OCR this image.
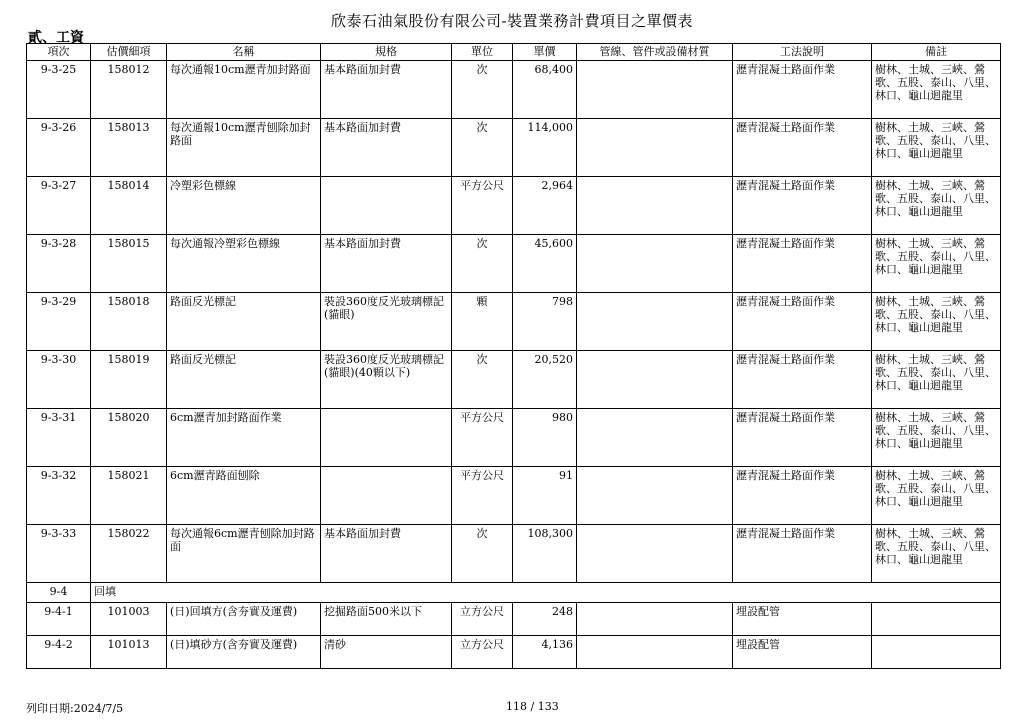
欣泰石油氣股份有限公司-裝置業務計費項目之單價表
貳、工資
項次	估價細項	名稱	規格	單位	單價	管線、管件或設備材質	工法說明	備註
9-3-25	158012	每次通報10cm瀝青加封路面	基本路面加封費	次	68,400		瀝青混凝土路面作業	樹林、土城、三峽、鶯歌、五股、泰山、八里、林口、龜山迴龍里
9-3-26	158013	每次通報10cm瀝青刨除加封路面	基本路面加封費	次	114,000		瀝青混凝土路面作業	樹林、土城、三峽、鶯歌、五股、泰山、八里、林口、龜山迴龍里
9-3-27	158014	冷塑彩色標線		平方公尺	2,964		瀝青混凝土路面作業	樹林、土城、三峽、鶯歌、五股、泰山、八里、林口、龜山迴龍里
9-3-28	158015	每次通報冷塑彩色標線	基本路面加封費	次	45,600		瀝青混凝土路面作業	樹林、土城、三峽、鶯歌、五股、泰山、八里、林口、龜山迴龍里
9-3-29	158018	路面反光標記	裝設360度反光玻璃標記(貓眼)	顆	798		瀝青混凝土路面作業	樹林、土城、三峽、鶯歌、五股、泰山、八里、林口、龜山迴龍里
9-3-30	158019	路面反光標記	裝設360度反光玻璃標記(貓眼)(40顆以下)	次	20,520		瀝青混凝土路面作業	樹林、土城、三峽、鶯歌、五股、泰山、八里、林口、龜山迴龍里
9-3-31	158020	6cm瀝青加封路面作業		平方公尺	980		瀝青混凝土路面作業	樹林、土城、三峽、鶯歌、五股、泰山、八里、林口、龜山迴龍里
9-3-32	158021	6cm瀝青路面刨除		平方公尺	91		瀝青混凝土路面作業	樹林、土城、三峽、鶯歌、五股、泰山、八里、林口、龜山迴龍里
9-3-33	158022	每次通報6cm瀝青刨除加封路面	基本路面加封費	次	108,300		瀝青混凝土路面作業	樹林、土城、三峽、鶯歌、五股、泰山、八里、林口、龜山迴龍里
9-4	回填							
9-4-1	101003	(日)回填方(含夯實及運費)	挖掘路面500米以下	立方公尺	248		埋設配管	
9-4-2	101013	(日)填砂方(含夯實及運費)	清砂	立方公尺	4,136		埋設配管	
列印日期:2024/7/5	118 / 133
